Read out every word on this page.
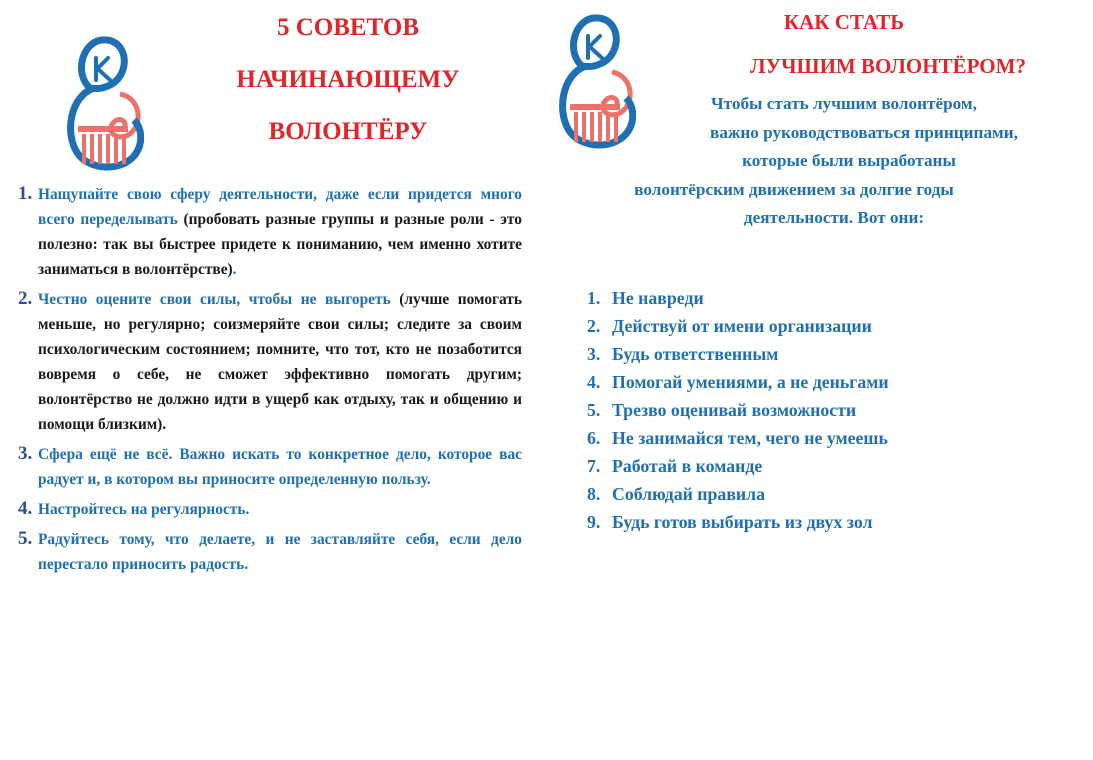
5 СОВЕТОВ
НАЧИНАЮЩЕМУ
ВОЛОНТЁРУ
1. Нащупайте свою сферу деятельности, даже если придется много всего переделывать (пробовать разные группы и разные роли - это полезно: так вы быстрее придете к пониманию, чем именно хотите заниматься в волонтёрстве).
2. Честно оцените свои силы, чтобы не выгореть (лучше помогать меньше, но регулярно; соизмеряйте свои силы; следите за своим психологическим состоянием; помните, что тот, кто не позаботится вовремя о себе, не сможет эффективно помогать другим; волонтёрство не должно идти в ущерб как отдыху, так и общению и помощи близким).
3. Сфера ещё не всё. Важно искать то конкретное дело, которое вас радует и, в котором вы приносите определенную пользу.
4. Настройтесь на регулярность.
5. Радуйтесь тому, что делаете, и не заставляйте себя, если дело перестало приносить радость.
КАК СТАТЬ
ЛУЧШИМ ВОЛОНТЁРОМ?

Чтобы стать лучшим волонтёром,
важно руководствоваться принципами,
которые были выработаны
волонтёрским движением за долгие годы
деятельности. Вот они:

1. Не навреди
2. Действуй от имени организации
3. Будь ответственным
4. Помогай умениями, а не деньгами
5. Трезво оценивай возможности
6. Не занимайся тем, чего не умеешь
7. Работай в команде
8. Соблюдай правила
9. Будь готов выбирать из двух зол
